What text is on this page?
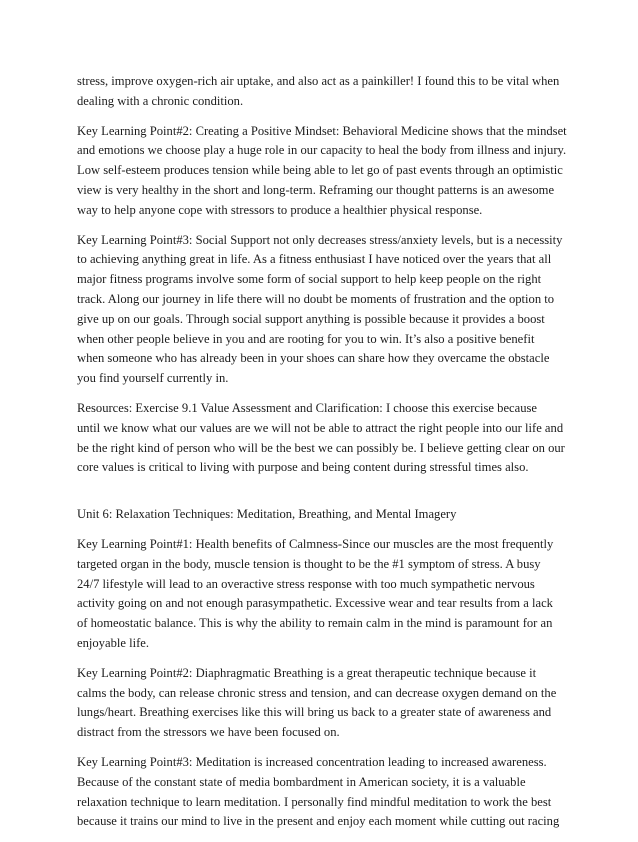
stress, improve oxygen-rich air uptake, and also act as a painkiller! I found this to be vital when
dealing with a chronic condition.
Key Learning Point#2: Creating a Positive Mindset: Behavioral Medicine shows that the mindset
and emotions we choose play a huge role in our capacity to heal the body from illness and injury.
Low self-esteem produces tension while being able to let go of past events through an optimistic
view is very healthy in the short and long-term. Reframing our thought patterns is an awesome
way to help anyone cope with stressors to produce a healthier physical response.
Key Learning Point#3: Social Support not only decreases stress/anxiety levels, but is a necessity
to achieving anything great in life. As a fitness enthusiast I have noticed over the years that all
major fitness programs involve some form of social support to help keep people on the right
track. Along our journey in life there will no doubt be moments of frustration and the option to
give up on our goals. Through social support anything is possible because it provides a boost
when other people believe in you and are rooting for you to win. It’s also a positive benefit
when someone who has already been in your shoes can share how they overcame the obstacle
you find yourself currently in.
Resources: Exercise 9.1 Value Assessment and Clarification: I choose this exercise because
until we know what our values are we will not be able to attract the right people into our life and
be the right kind of person who will be the best we can possibly be. I believe getting clear on our
core values is critical to living with purpose and being content during stressful times also.
Unit 6: Relaxation Techniques: Meditation, Breathing, and Mental Imagery
Key Learning Point#1: Health benefits of Calmness-Since our muscles are the most frequently
targeted organ in the body, muscle tension is thought to be the #1 symptom of stress. A busy
24/7 lifestyle will lead to an overactive stress response with too much sympathetic nervous
activity going on and not enough parasympathetic. Excessive wear and tear results from a lack
of homeostatic balance. This is why the ability to remain calm in the mind is paramount for an
enjoyable life.
Key Learning Point#2: Diaphragmatic Breathing is a great therapeutic technique because it
calms the body, can release chronic stress and tension, and can decrease oxygen demand on the
lungs/heart. Breathing exercises like this will bring us back to a greater state of awareness and
distract from the stressors we have been focused on.
Key Learning Point#3: Meditation is increased concentration leading to increased awareness.
Because of the constant state of media bombardment in American society, it is a valuable
relaxation technique to learn meditation. I personally find mindful meditation to work the best
because it trains our mind to live in the present and enjoy each moment while cutting out racing
